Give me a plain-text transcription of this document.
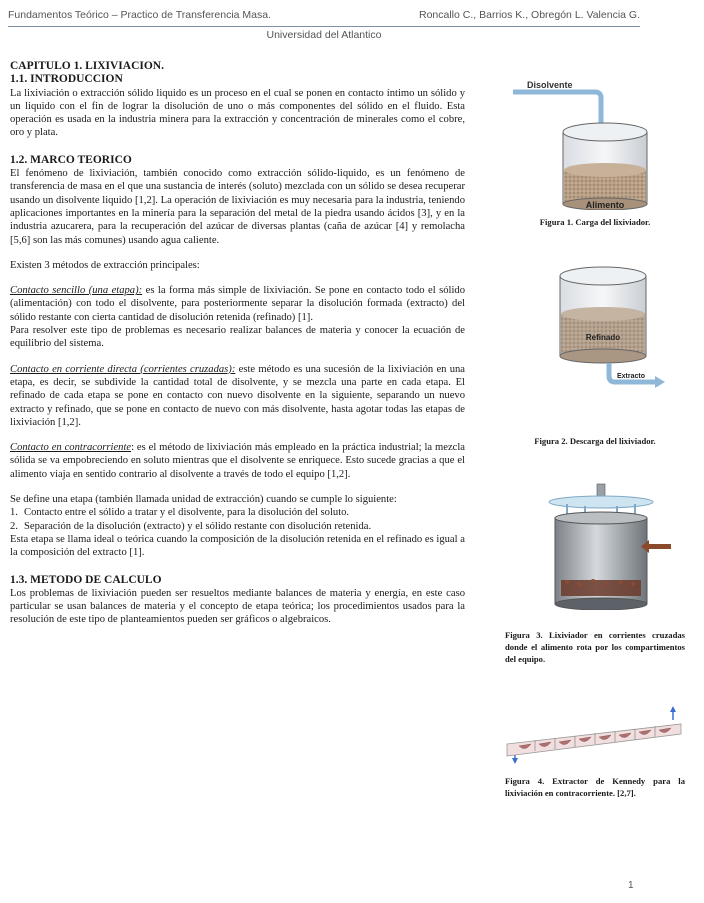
Fundamentos Teórico – Practico de Transferencia Masa.	Roncallo C., Barrios K., Obregón L. Valencia G.
Universidad del Atlantico

CAPITULO 1. LIXIVIACION.

1.1. INTRODUCCION

La lixiviación o extracción sólido liquido es un proceso en el cual se ponen en contacto íntimo un sólido y un liquido con el fin de lograr la disolución de uno o más componentes del sólido en el fluido. Esta operación es usada en la industria minera para la extracción y concentración de minerales como el cobre, oro y plata.

1.2. MARCO TEORICO

El fenómeno de lixiviación, también conocido como extracción sólido-liquido, es un fenómeno de transferencia de masa en el que una sustancia de interés (soluto) mezclada con un sólido se desea recuperar usando un disolvente liquido [1,2]. La operación de lixiviación es muy necesaria para la industria, teniendo aplicaciones importantes en la minería para la separación del metal de la piedra usando ácidos [3], y en la industria azucarera, para la recuperación del azúcar de diversas plantas (caña de azúcar [4] y remolacha [5,6] son las más comunes) usando agua caliente.

Existen 3 métodos de extracción principales:

Contacto sencillo (una etapa): es la forma más simple de lixiviación. Se pone en contacto todo el sólido (alimentación) con todo el disolvente, para posteriormente separar la disolución formada (extracto) del sólido restante con cierta cantidad de disolución retenida (refinado) [1].

Para resolver este tipo de problemas es necesario realizar balances de materia y conocer la ecuación de equilibrio del sistema.

Contacto en corriente directa (corrientes cruzadas): este método es una sucesión de la lixiviación en una etapa, es decir, se subdivide la cantidad total de disolvente, y se mezcla una parte en cada etapa. El refinado de cada etapa se pone en contacto con nuevo disolvente en la siguiente, separando un nuevo extracto y refinado, que se pone en contacto de nuevo con más disolvente, hasta agotar todas las etapas de lixiviación [1,2].

Contacto en contracorriente: es el método de lixiviación más empleado en la práctica industrial; la mezcla sólida se va empobreciendo en soluto mientras que el disolvente se enriquece. Esto sucede gracias a que el alimento viaja en sentido contrario al disolvente a través de todo el equipo [1,2].

Se define una etapa (también llamada unidad de extracción) cuando se cumple lo siguiente:

1. Contacto entre el sólido a tratar y el disolvente, para la disolución del soluto.
2. Separación de la disolución (extracto) y el sólido restante con disolución retenida.

Esta etapa se llama ideal o teórica cuando la composición de la disolución retenida en el refinado es igual a la composición del extracto [1].

1.3. METODO DE CALCULO

Los problemas de lixiviación pueden ser resueltos mediante balances de materia y energía, en este caso particular se usan balances de materia y el concepto de etapa teórica; los procedimientos usados para la resolución de este tipo de planteamientos pueden ser gráficos o algebraicos.

Disolvente
Alimento
Figura 1. Carga del lixiviador.
Refinado
Extracto
Figura 2. Descarga del lixiviador.
Figura 3. Lixiviador en corrientes cruzadas donde el alimento rota por los compartimentos del equipo.
Figura 4. Extractor de Kennedy para la lixiviación en contracorriente. [2,7].
1
